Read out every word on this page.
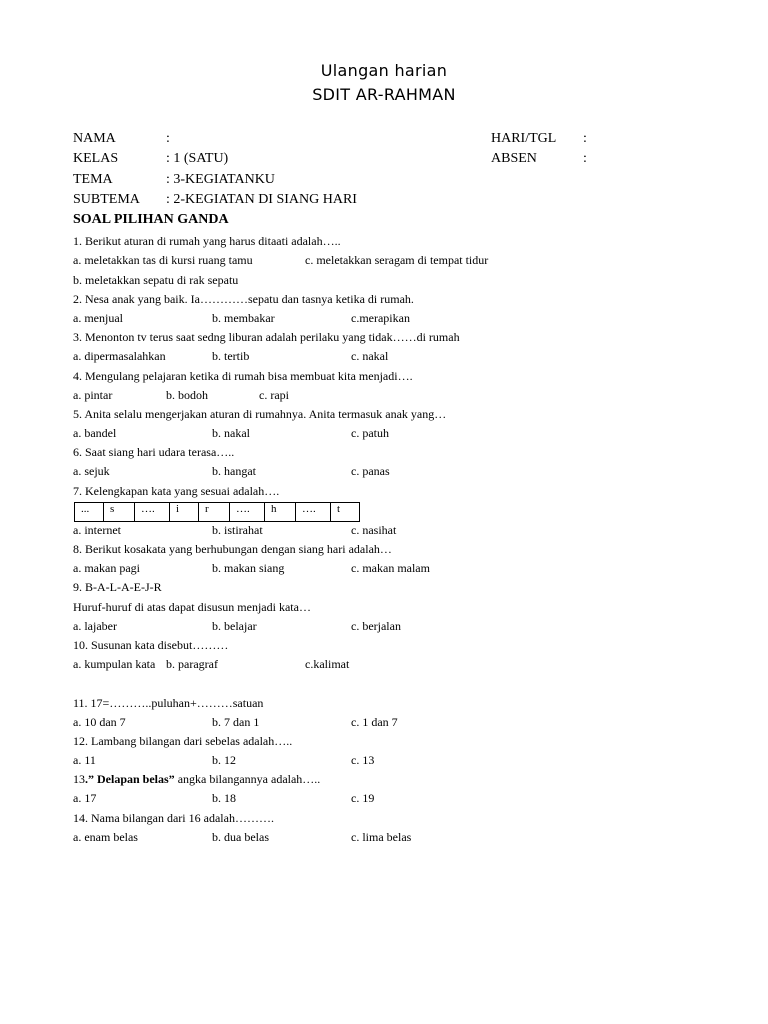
Ulangan harian
SDIT AR-RAHMAN
NAMA	:
KELAS	: 1 (SATU)
TEMA	: 3-KEGIATANKU
SUBTEMA : 2-KEGIATAN DI SIANG HARI
HARI/TGL :
ABSEN	:
SOAL PILIHAN GANDA
1. Berikut aturan di rumah yang harus ditaati adalah…..
a. meletakkan tas di kursi ruang tamu	c. meletakkan seragam di tempat tidur
b. meletakkan sepatu di rak sepatu
2. Nesa anak yang baik. Ia…………sepatu dan tasnya ketika di rumah.
a. menjual	b. membakar	c.merapikan
3. Menonton tv terus saat sedng liburan adalah perilaku yang tidak……di rumah
a. dipermasalahkan	b. tertib	c. nakal
4. Mengulang pelajaran ketika di rumah bisa membuat kita menjadi….
a. pintar	b. bodoh	c. rapi
5. Anita selalu mengerjakan aturan di rumahnya. Anita termasuk anak yang…
a. bandel	b. nakal	c. patuh
6. Saat siang hari udara terasa…..
a. sejuk	b. hangat	c. panas
7. Kelengkapan kata yang sesuai adalah….
...	s	….	i	r	….	h	….	t
a. internet	b. istirahat	c. nasihat
8. Berikut kosakata yang berhubungan dengan siang hari adalah…
a. makan pagi	b. makan siang	c. makan malam
9. B-A-L-A-E-J-R
Huruf-huruf di atas dapat disusun menjadi kata…
a. lajaber	b. belajar	c. berjalan
10. Susunan kata disebut………
a. kumpulan kata b. paragraf	c.kalimat
11. 17=………..puluhan+………satuan
a. 10 dan 7	b. 7 dan 1	c. 1 dan 7
12. Lambang bilangan dari sebelas adalah…..
a. 11	b. 12	c. 13
13.” Delapan belas” angka bilangannya adalah…..
a. 17	b. 18	c. 19
14. Nama bilangan dari 16 adalah……….
a. enam belas	b. dua belas	c. lima belas
